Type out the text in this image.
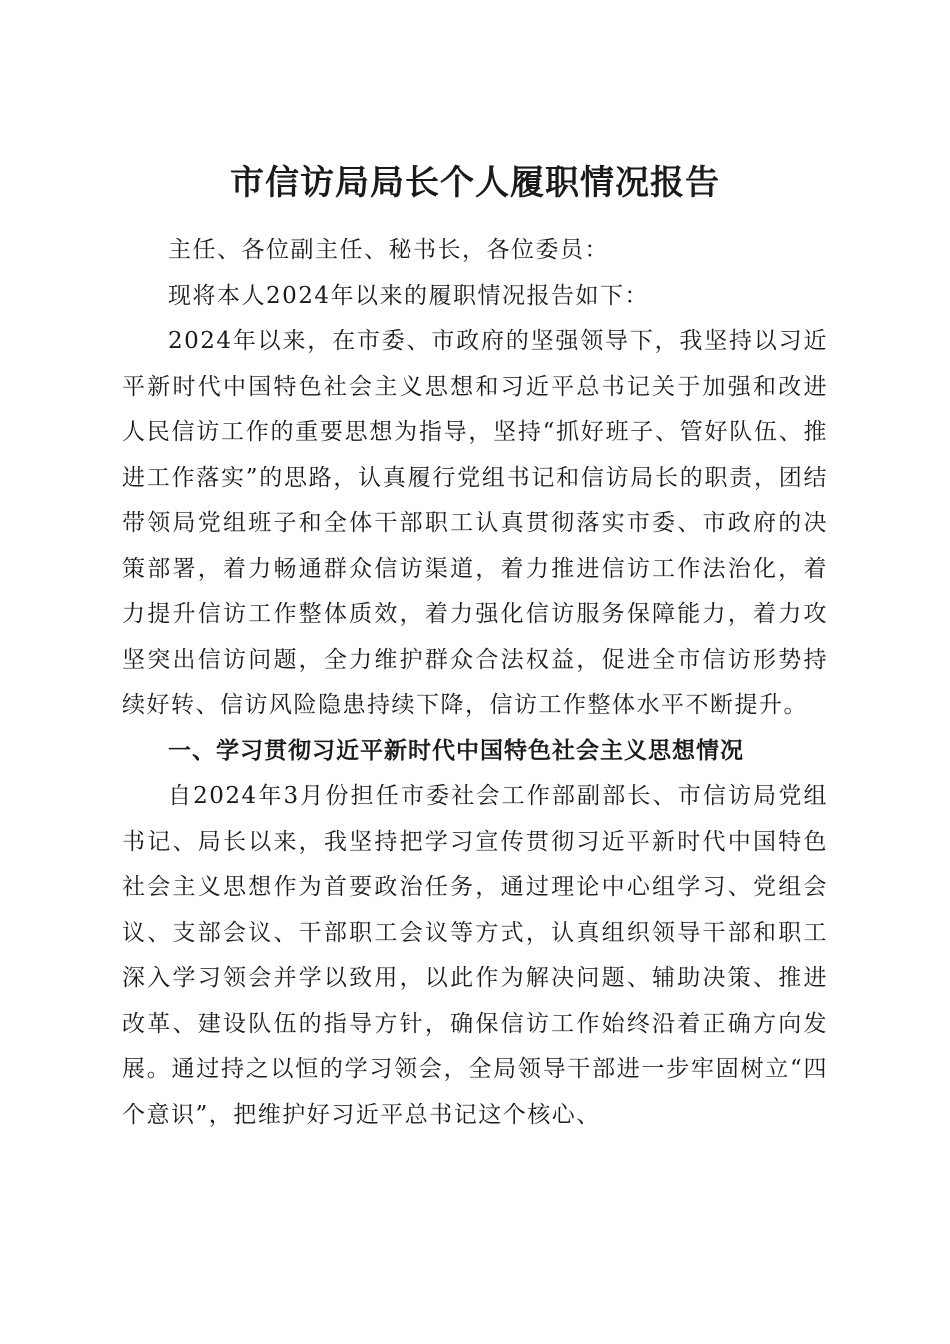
市信访局局长个人履职情况报告

主任、各位副主任、秘书长，各位委员：

现将本人2024年以来的履职情况报告如下：

2024年以来，在市委、市政府的坚强领导下，我坚持以习近平新时代中国特色社会主义思想和习近平总书记关于加强和改进人民信访工作的重要思想为指导，坚持“抓好班子、管好队伍、推进工作落实”的思路，认真履行党组书记和信访局长的职责，团结带领局党组班子和全体干部职工认真贯彻落实市委、市政府的决策部署，着力畅通群众信访渠道，着力推进信访工作法治化，着力提升信访工作整体质效，着力强化信访服务保障能力，着力攻坚突出信访问题，全力维护群众合法权益，促进全市信访形势持续好转、信访风险隐患持续下降，信访工作整体水平不断提升。

一、学习贯彻习近平新时代中国特色社会主义思想情况

自2024年3月份担任市委社会工作部副部长、市信访局党组书记、局长以来，我坚持把学习宣传贯彻习近平新时代中国特色社会主义思想作为首要政治任务，通过理论中心组学习、党组会议、支部会议、干部职工会议等方式，认真组织领导干部和职工深入学习领会并学以致用，以此作为解决问题、辅助决策、推进改革、建设队伍的指导方针，确保信访工作始终沿着正确方向发展。通过持之以恒的学习领会，全局领导干部进一步牢固树立“四个意识”，把维护好习近平总书记这个核心、
